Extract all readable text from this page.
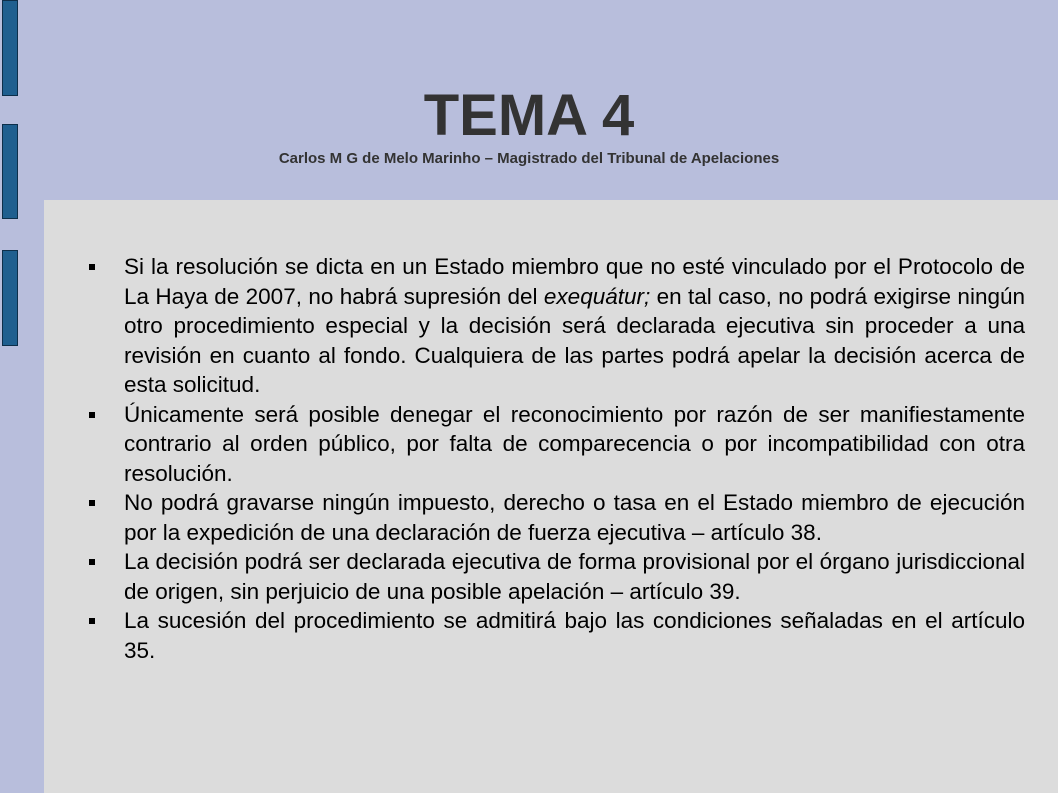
TEMA 4
Carlos M G de Melo Marinho – Magistrado del Tribunal de Apelaciones
Si la resolución se dicta en un Estado miembro que no esté vinculado por el Protocolo de La Haya de 2007, no habrá supresión del exequátur; en tal caso, no podrá exigirse ningún otro procedimiento especial y la decisión será declarada ejecutiva sin proceder a una revisión en cuanto al fondo. Cualquiera de las partes podrá apelar la decisión acerca de esta solicitud.
Únicamente será posible denegar el reconocimiento por razón de ser manifiestamente contrario al orden público, por falta de comparecencia o por incompatibilidad con otra resolución.
No podrá gravarse ningún impuesto, derecho o tasa en el Estado miembro de ejecución por la expedición de una declaración de fuerza ejecutiva – artículo 38.
La decisión podrá ser declarada ejecutiva de forma provisional por el órgano jurisdiccional de origen, sin perjuicio de una posible apelación – artículo 39.
La sucesión del procedimiento se admitirá bajo las condiciones señaladas en el artículo 35.
